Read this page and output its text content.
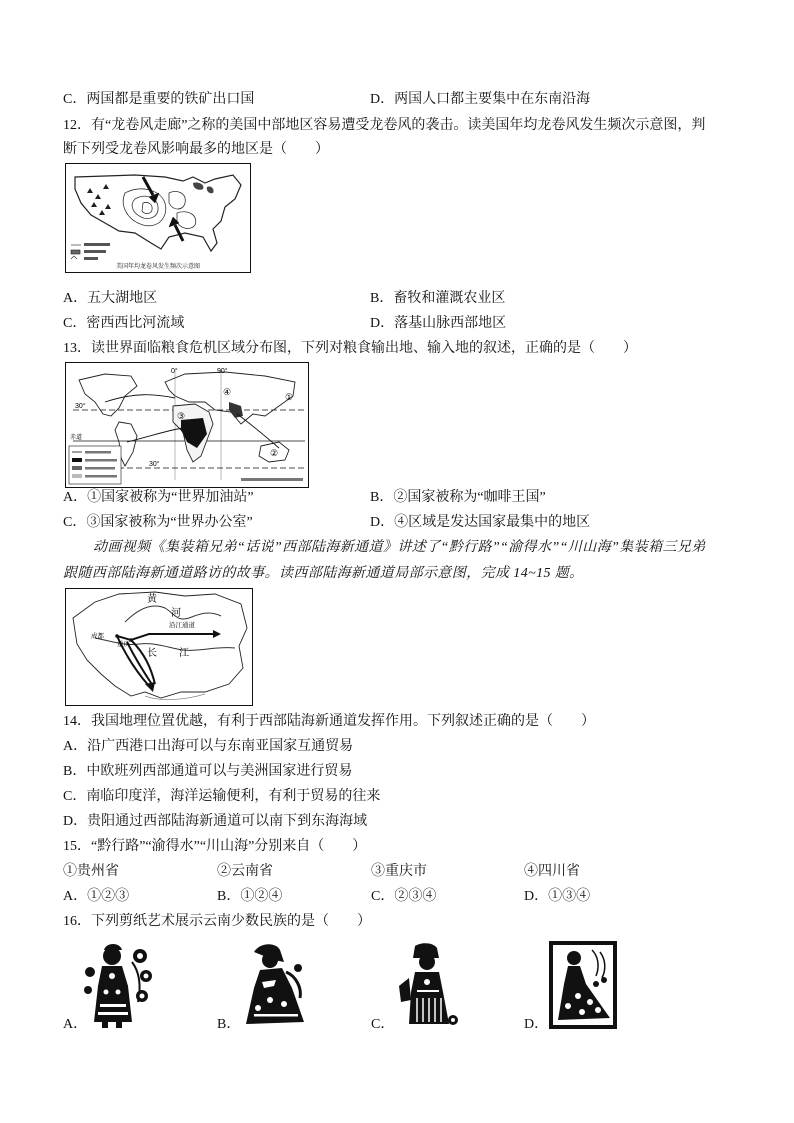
C．两国都是重要的铁矿出口国	D．两国人口都主要集中在东南沿海
12．有“龙卷风走廊”之称的美国中部地区容易遭受龙卷风的袭击。读美国年均龙卷风发生频次示意图，判
断下列受龙卷风影响最多的地区是（　　）
美国年均龙卷风发生频次示意图
A．五大湖地区	B．畜牧和灌溉农业区
C．密西西比河流域	D．落基山脉西部地区
13．读世界面临粮食危机区域分布图，下列对粮食输出地、输入地的叙述，正确的是（　　）
0°	90°
30°
赤道
30°
①
②
③
④
A．①国家被称为“世界加油站”	B．②国家被称为“咖啡王国”
C．③国家被称为“世界办公室”	D．④区域是发达国家最集中的地区
动画视频《集装箱兄弟“话说”西部陆海新通道》讲述了“黔行路”“渝得水”“川山海”集装箱三兄弟
跟随西部陆海新通道路访的故事。读西部陆海新通道局部示意图，完成 14~15 题。
黄
河
成都
重庆
沿江通道
长 江
14．我国地理位置优越，有利于西部陆海新通道发挥作用。下列叙述正确的是（　　）
A．沿广西港口出海可以与东南亚国家互通贸易
B．中欧班列西部通道可以与美洲国家进行贸易
C．南临印度洋，海洋运输便利，有利于贸易的往来
D．贵阳通过西部陆海新通道可以南下到东海海域
15．“黔行路”“渝得水”“川山海”分别来自（　　）
①贵州省	②云南省	③重庆市	④四川省
A．①②③	B．①②④	C．②③④	D．①③④
16．下列剪纸艺术展示云南少数民族的是（　　）
A．	B．	C．	D．
